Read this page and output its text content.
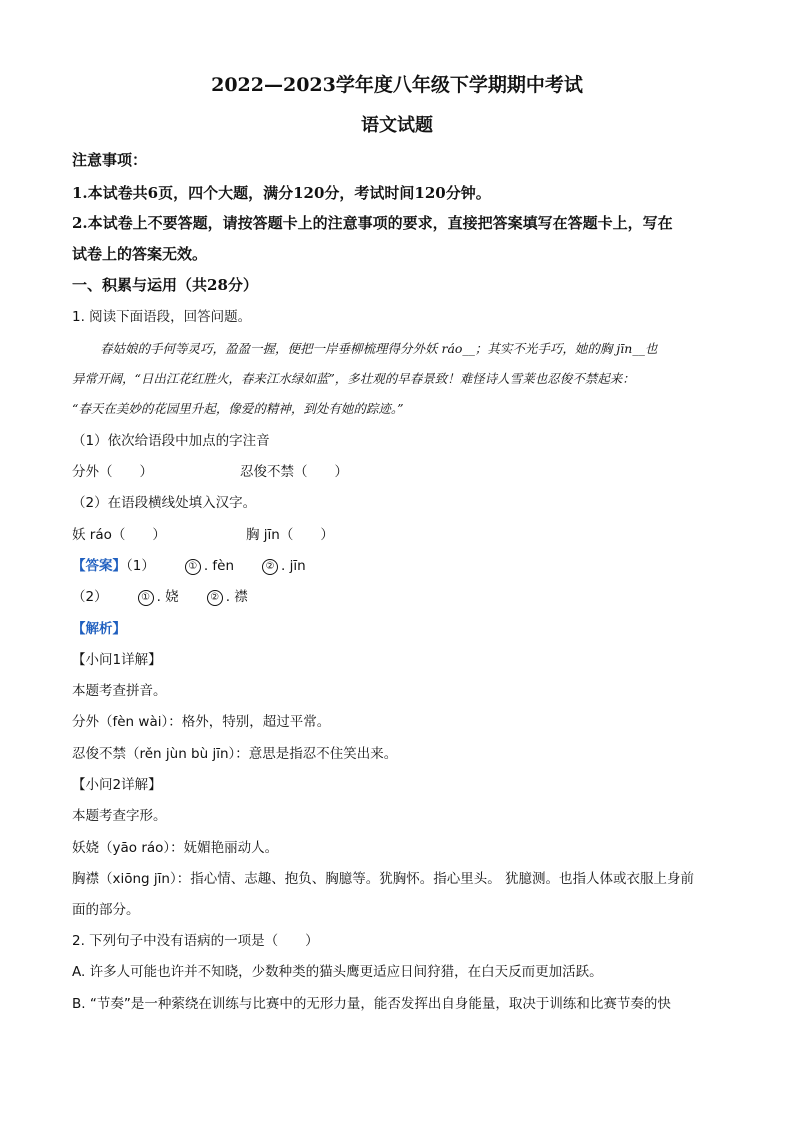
2022—2023学年度八年级下学期期中考试
语文试题
注意事项：
1.本试卷共6页，四个大题，满分120分，考试时间120分钟。
2.本试卷上不要答题，请按答题卡上的注意事项的要求，直接把答案填写在答题卡上，写在
试卷上的答案无效。
一、积累与运用（共28分）
1. 阅读下面语段，回答问题。
春姑娘的手何等灵巧，盈盈一握，便把一岸垂柳梳理得分外妖 ráo__；其实不光手巧，她的胸 jīn__也
异常开阔，“日出江花红胜火，春来江水绿如蓝”，多壮观的早春景致！难怪诗人雪莱也忍俊不禁起来：
“春天在美妙的花园里升起，像爱的精神，到处有她的踪迹。”
（1）依次给语段中加点的字注音
分外（　　）	忍俊不禁（　　）
（2）在语段横线处填入汉字。
妖 ráo（　　）	胸 jīn（　　）
【答案】（1）	① . fèn	② . jīn
（2）	① . 娆	② . 襟
【解析】
【小问1详解】
本题考查拼音。
分外（fèn wài）：格外，特别，超过平常。
忍俊不禁（rěn jùn bù jīn）：意思是指忍不住笑出来。
【小问2详解】
本题考查字形。
妖娆（yāo ráo）：妩媚艳丽动人。
胸襟（xiōng jīn）：指心情、志趣、抱负、胸臆等。犹胸怀。指心里头。 犹臆测。也指人体或衣服上身前
面的部分。
2. 下列句子中没有语病的一项是（　　）
A. 许多人可能也许并不知晓，少数种类的猫头鹰更适应日间狩猎，在白天反而更加活跃。
B. “节奏”是一种萦绕在训练与比赛中的无形力量，能否发挥出自身能量，取决于训练和比赛节奏的快
